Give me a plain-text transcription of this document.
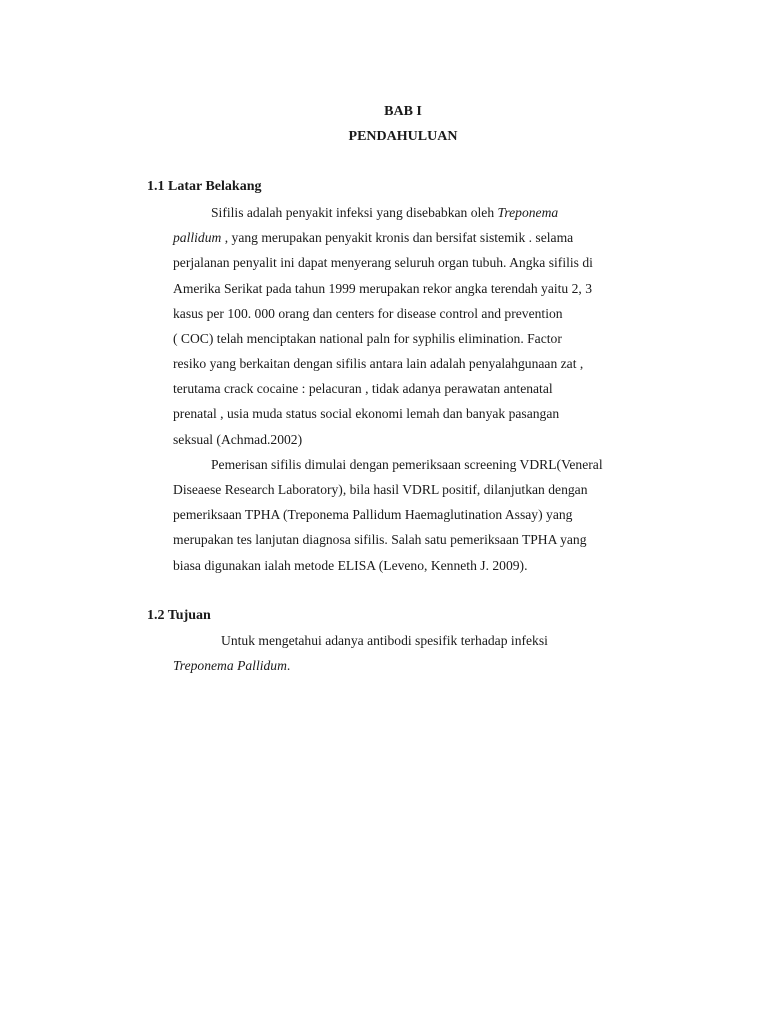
BAB I
PENDAHULUAN
1.1 Latar Belakang
Sifilis adalah penyakit infeksi yang disebabkan oleh Treponema
pallidum , yang merupakan penyakit kronis dan bersifat sistemik . selama
perjalanan penyalit ini dapat menyerang seluruh organ tubuh. Angka sifilis di
Amerika Serikat pada tahun 1999 merupakan rekor angka terendah yaitu 2, 3
kasus per 100. 000 orang dan centers for disease control and prevention
( COC) telah menciptakan national paln for syphilis elimination. Factor
resiko yang berkaitan dengan sifilis antara lain adalah penyalahgunaan zat ,
terutama crack cocaine : pelacuran , tidak adanya perawatan antenatal
prenatal , usia muda status social ekonomi lemah dan banyak pasangan
seksual (Achmad.2002)
Pemerisan sifilis dimulai dengan pemeriksaan screening VDRL(Veneral
Diseaese Research Laboratory), bila hasil VDRL positif, dilanjutkan dengan
pemeriksaan TPHA (Treponema Pallidum Haemaglutination Assay) yang
merupakan tes lanjutan diagnosa sifilis. Salah satu pemeriksaan TPHA yang
biasa digunakan ialah metode ELISA (Leveno, Kenneth J. 2009).
1.2 Tujuan
Untuk mengetahui adanya antibodi spesifik terhadap infeksi
Treponema Pallidum.
